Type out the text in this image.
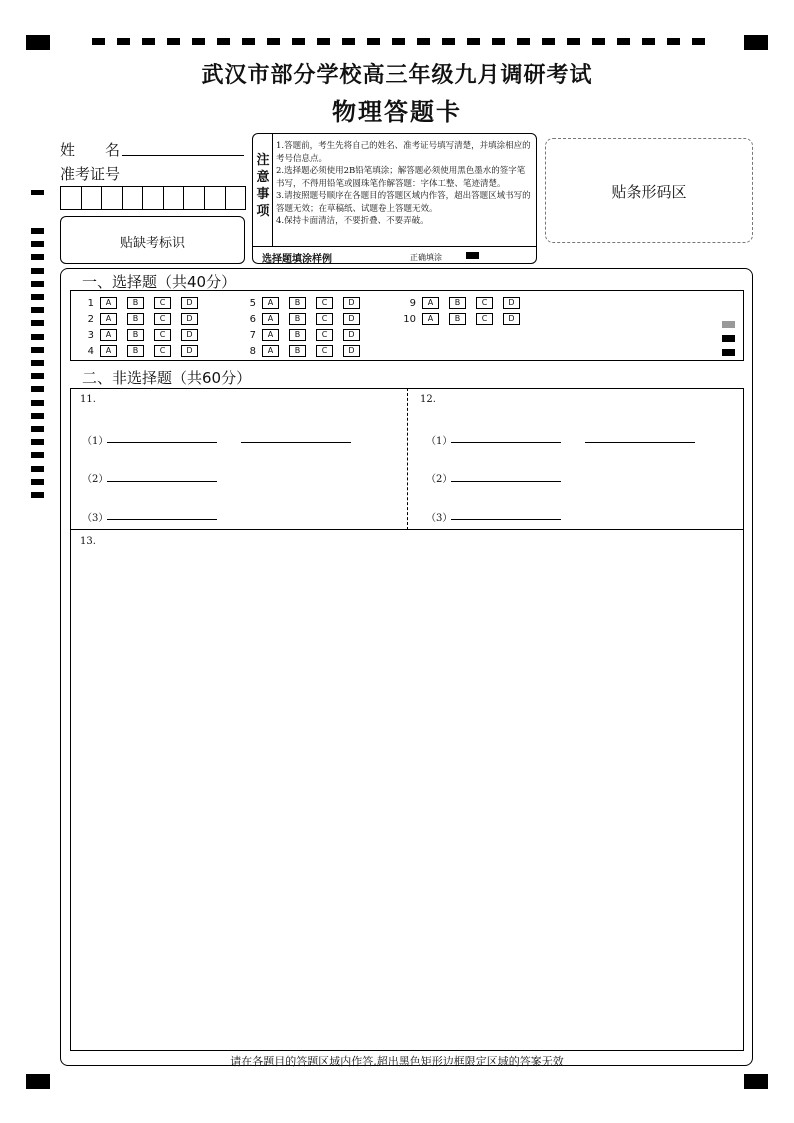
武汉市部分学校高三年级九月调研考试
物理答题卡
姓　　名
准考证号
贴缺考标识
注
意
事
项

1.答题前，考生先将自己的姓名、准考证号填写清楚，并填涂相应的考号信息点。

2.选择题必须使用2B铅笔填涂；解答题必须使用黑色墨水的签字笔书写，不得用铅笔或圆珠笔作解答题：字体工整、笔迹清楚。

3.请按照题号顺序在各题目的答题区域内作答，超出答题区域书写的答题无效；在草稿纸、试题卷上答题无效。

4.保持卡面清洁，不要折叠、不要弄破。

选择题填涂样例	正确填涂
贴条形码区
一、选择题（共40分）
1	A	B	C	D
2	A	B	C	D
3	A	B	C	D
4	A	B	C	D
5	A	B	C	D
6	A	B	C	D
7	A	B	C	D
8	A	B	C	D
9	A	B	C	D
10	A	B	C	D
二、非选择题（共60分）
11.	12.
（1）
（2）
（3）
（1）
（2）
（3）
13.
请在各题目的答题区域内作答,超出黑色矩形边框限定区域的答案无效
